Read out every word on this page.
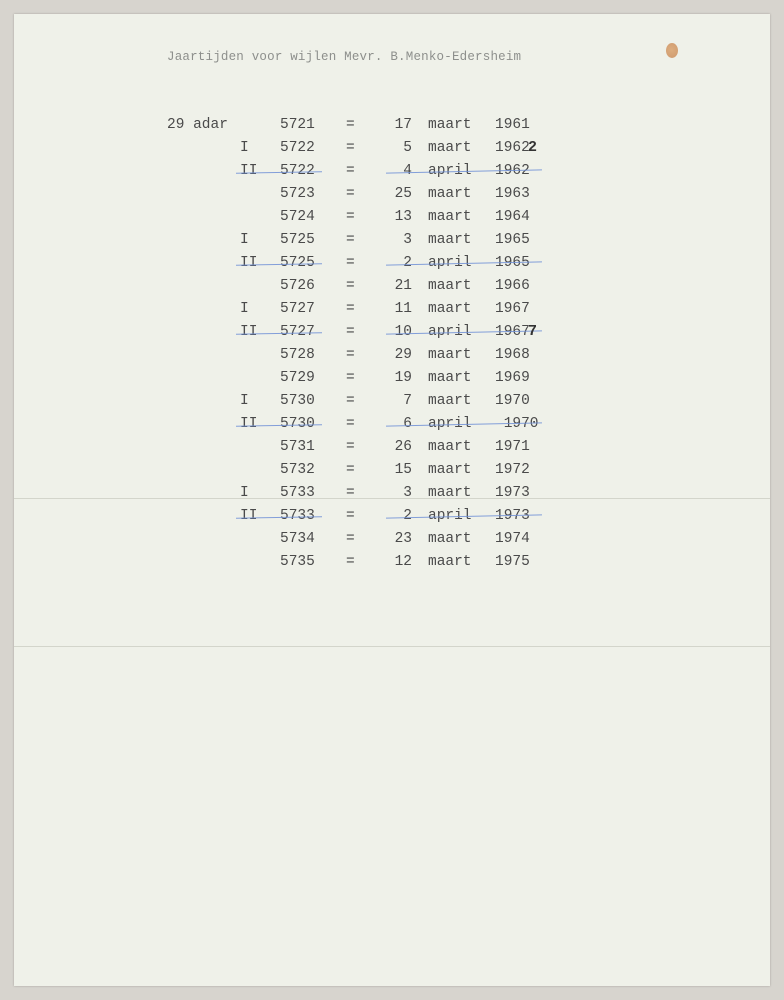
Jaartijden voor wijlen Mevr. B.Menko-Edersheim
29 adar	5721 =	17 maart 1961
I 5722 =	5 maart 1962
2
II 5722 =	4 april 1962
5723 =	25 maart 1963
5724 =	13 maart 1964
I 5725 =	3 maart 1965
II 5725 =	2 april 1965
5726 =	21 maart 1966
I 5727 =	11 maart 1967
II 5727 =	10 april 1967
7
5728 =	29 maart 1968
5729 =	19 maart 1969
I 5730 =	7 maart 1970
II 5730 =	6 april 1970
5731 =	26 maart 1971
5732 =	15 maart 1972
I 5733 =	3 maart 1973
II 5733 =	2 april 1973
5734 =	23 maart 1974
5735 =	12 maart 1975
